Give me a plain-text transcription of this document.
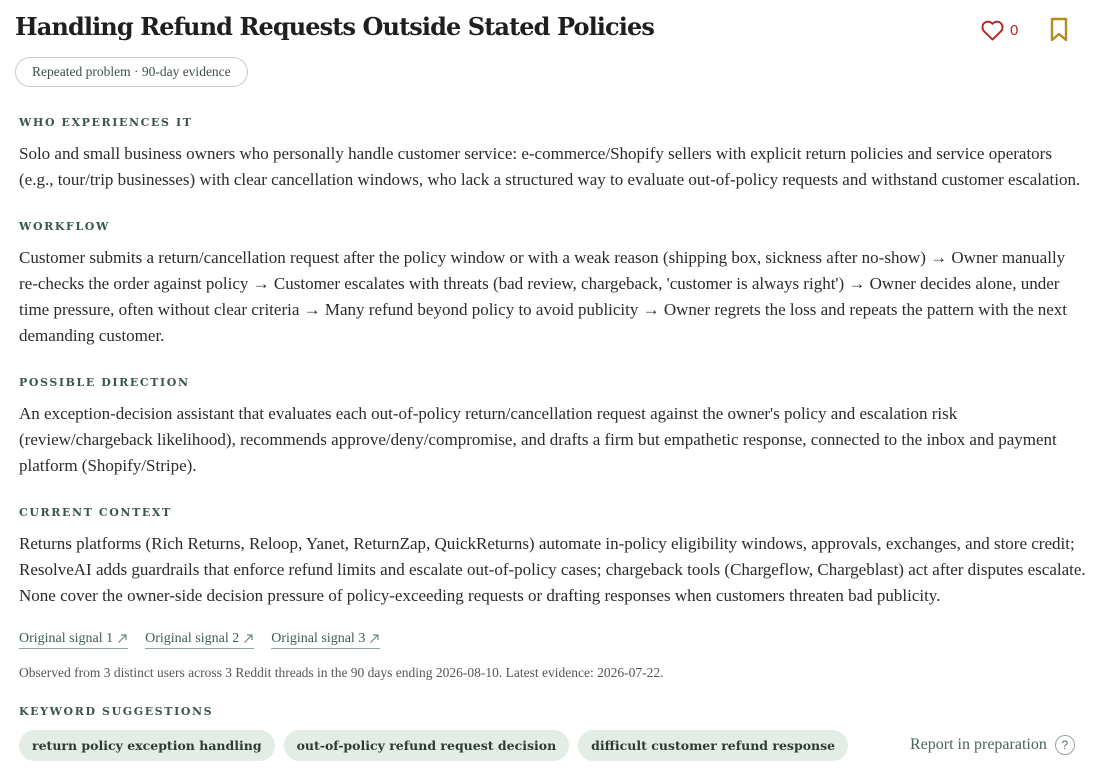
Handling Refund Requests Outside Stated Policies	0
Repeated problem · 90-day evidence
WHO EXPERIENCES IT
Solo and small business owners who personally handle customer service: e-commerce/Shopify sellers with explicit return policies and service operators (e.g., tour/trip businesses) with clear cancellation windows, who lack a structured way to evaluate out-of-policy requests and withstand customer escalation.
WORKFLOW
Customer submits a return/cancellation request after the policy window or with a weak reason (shipping box, sickness after no-show) → Owner manually re-checks the order against policy → Customer escalates with threats (bad review, chargeback, 'customer is always right') → Owner decides alone, under time pressure, often without clear criteria → Many refund beyond policy to avoid publicity → Owner regrets the loss and repeats the pattern with the next demanding customer.
POSSIBLE DIRECTION
An exception-decision assistant that evaluates each out-of-policy return/cancellation request against the owner's policy and escalation risk (review/chargeback likelihood), recommends approve/deny/compromise, and drafts a firm but empathetic response, connected to the inbox and payment platform (Shopify/Stripe).
CURRENT CONTEXT
Returns platforms (Rich Returns, Reloop, Yanet, ReturnZap, QuickReturns) automate in-policy eligibility windows, approvals, exchanges, and store credit; ResolveAI adds guardrails that enforce refund limits and escalate out-of-policy cases; chargeback tools (Chargeflow, Chargeblast) act after disputes escalate. None cover the owner-side decision pressure of policy-exceeding requests or drafting responses when customers threaten bad publicity.
Original signal 1 Original signal 2 Original signal 3
Observed from 3 distinct users across 3 Reddit threads in the 90 days ending 2026-08-10. Latest evidence: 2026-07-22.
KEYWORD SUGGESTIONS
return policy exception handling	out-of-policy refund request decision	difficult customer refund response	Report in preparation	?
